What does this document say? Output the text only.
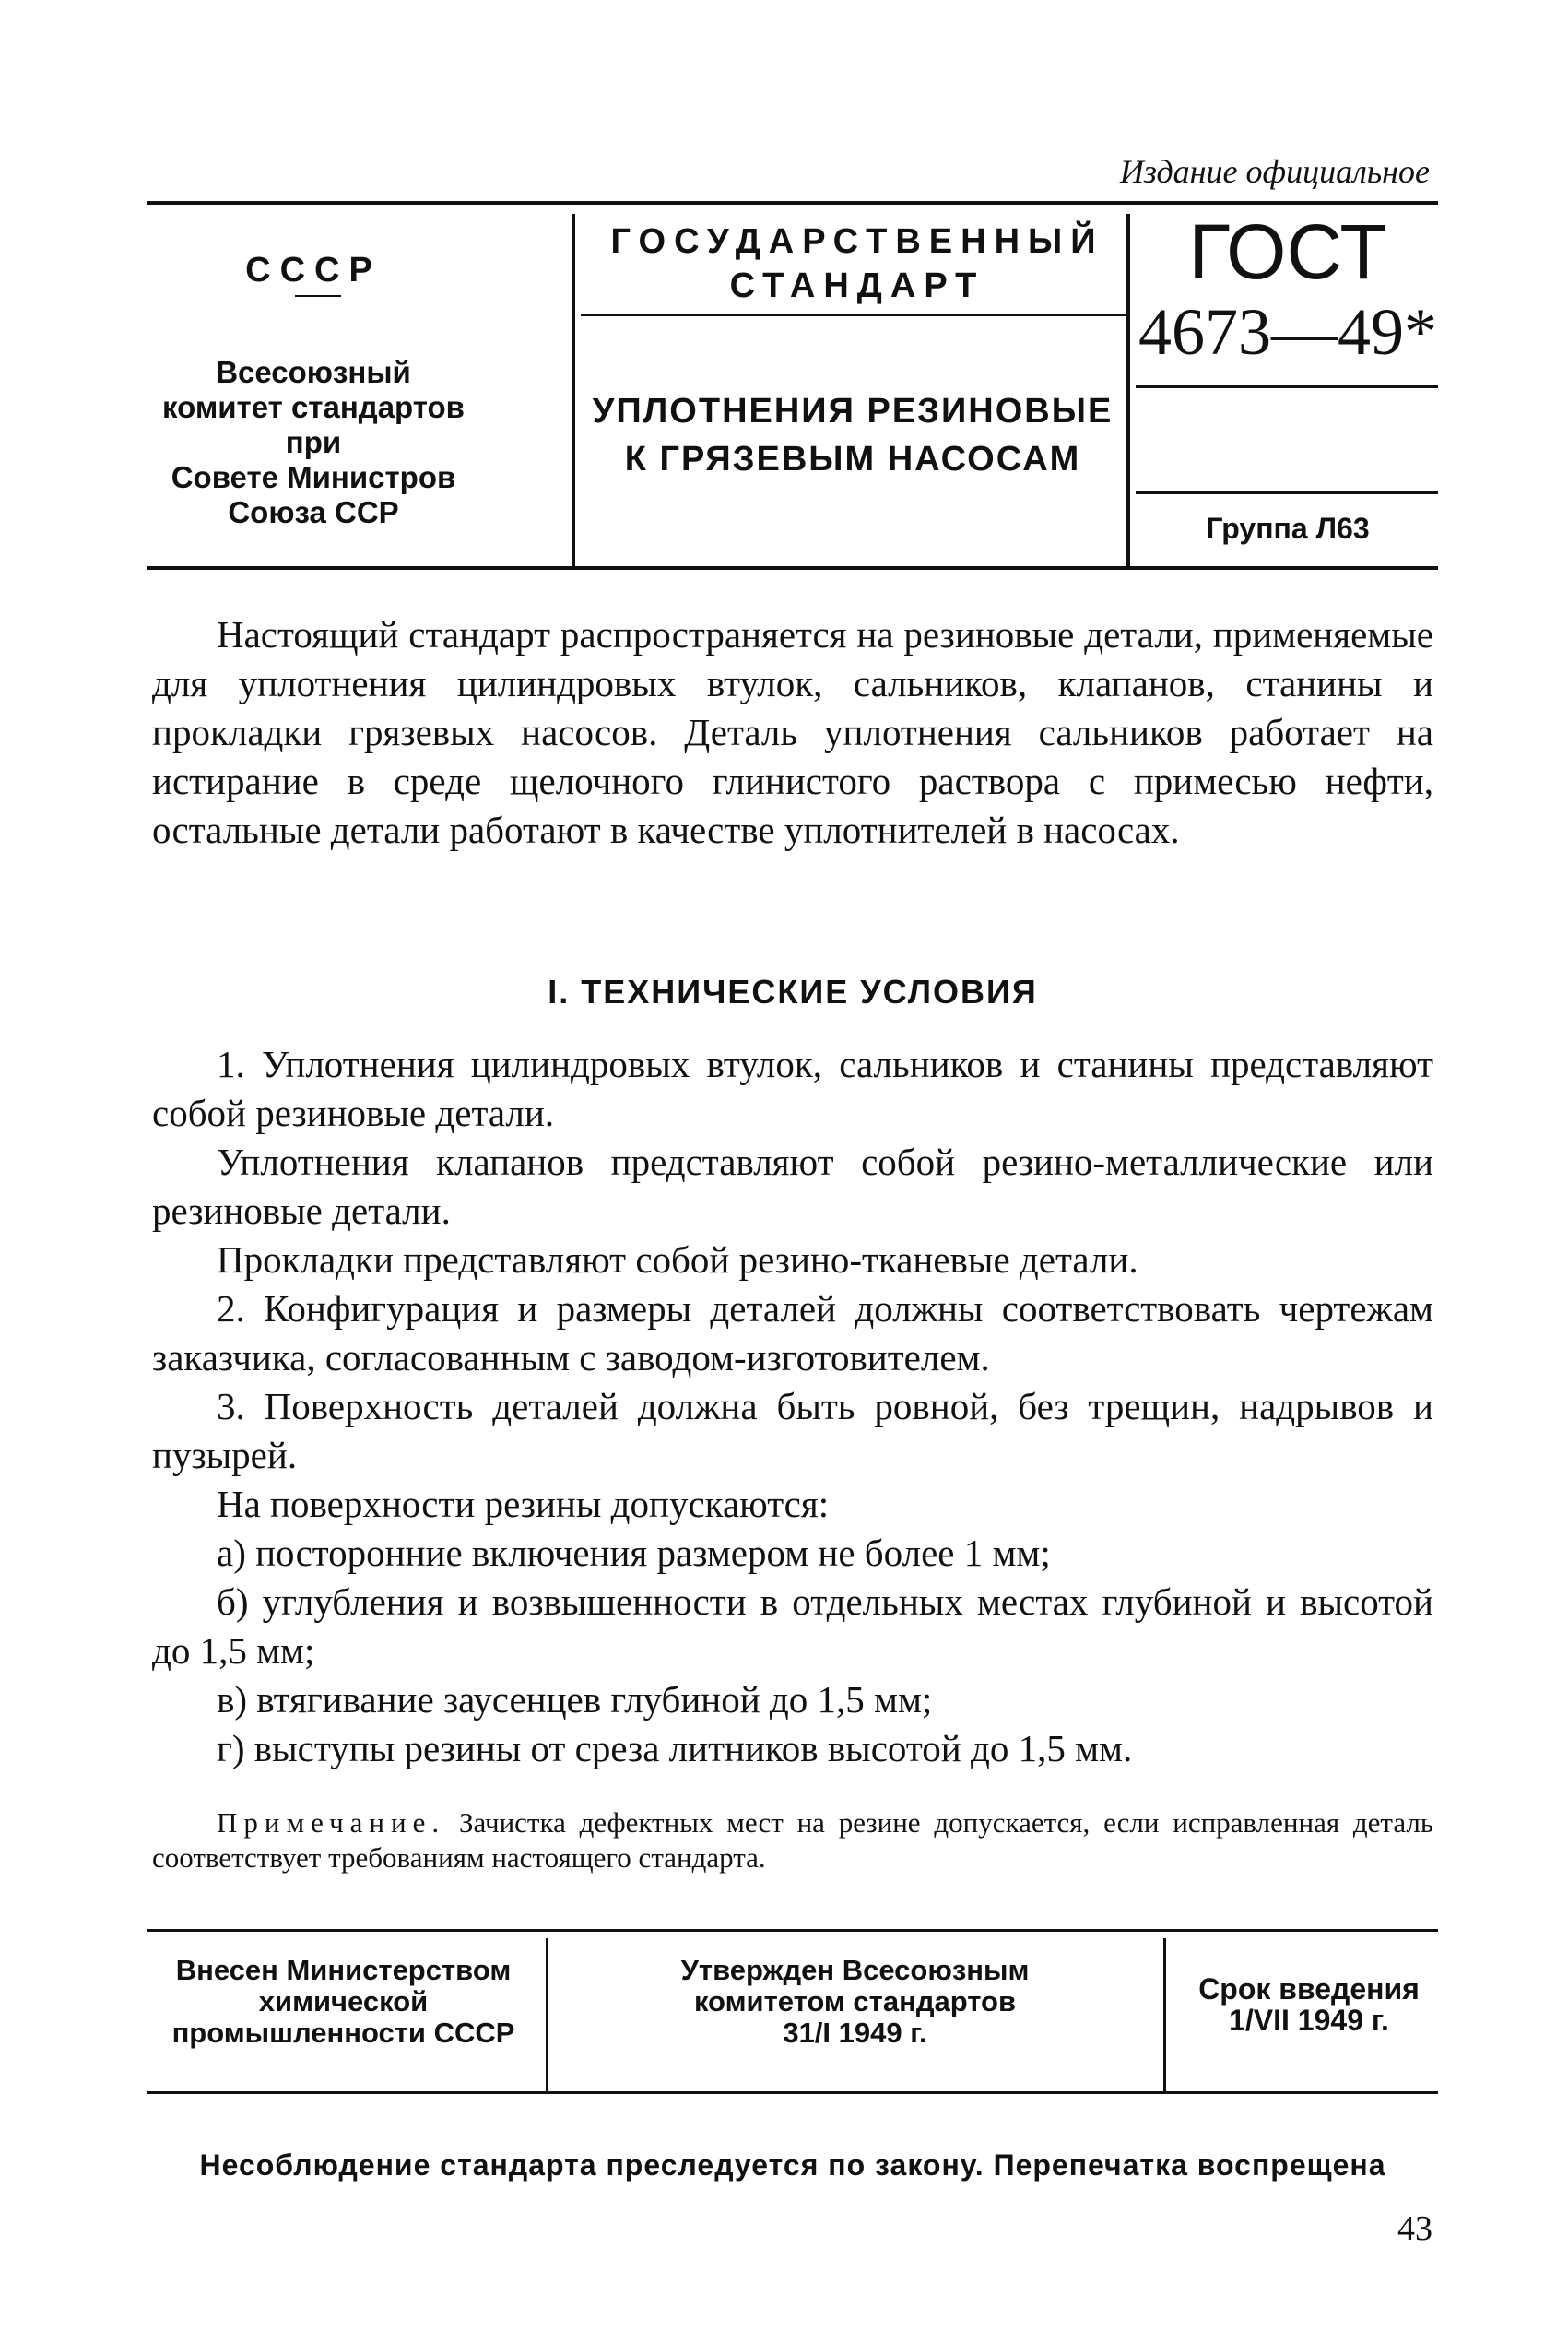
Издание официальное
СССР
Всесоюзный
комитет стандартов
при
Совете Министров
Союза ССР
ГОСУДАРСТВЕННЫЙ
СТАНДАРТ
УПЛОТНЕНИЯ РЕЗИНОВЫЕ
К ГРЯЗЕВЫМ НАСОСАМ
ГОСТ
4673—49*
Группа Л63

Настоящий стандарт распространяется на резиновые детали, применяемые для уплотнения цилиндровых втулок, сальников, клапанов, станины и прокладки грязевых насосов. Деталь уплотнения сальников работает на истирание в среде щелочного глинистого раствора с примесью нефти, остальные детали работают в качестве уплотнителей в насосах.

I. ТЕХНИЧЕСКИЕ УСЛОВИЯ

1. Уплотнения цилиндровых втулок, сальников и станины представляют собой резиновые детали.

Уплотнения клапанов представляют собой резино-металлические или резиновые детали.

Прокладки представляют собой резино-тканевые детали.

2. Конфигурация и размеры деталей должны соответствовать чертежам заказчика, согласованным с заводом-изготовителем.

3. Поверхность деталей должна быть ровной, без трещин, надрывов и пузырей.

На поверхности резины допускаются:

а) посторонние включения размером не более 1 мм;

б) углубления и возвышенности в отдельных местах глубиной и высотой до 1,5 мм;

в) втягивание заусенцев глубиной до 1,5 мм;

г) выступы резины от среза литников высотой до 1,5 мм.

Примечание. Зачистка дефектных мест на резине допускается, если исправленная деталь соответствует требованиям настоящего стандарта.

Внесен Министерством
химической
промышленности СССР
Утвержден Всесоюзным
комитетом стандартов
31/I 1949 г.
Срок введения
1/VII 1949 г.
Несоблюдение стандарта преследуется по закону. Перепечатка воспрещена
43
